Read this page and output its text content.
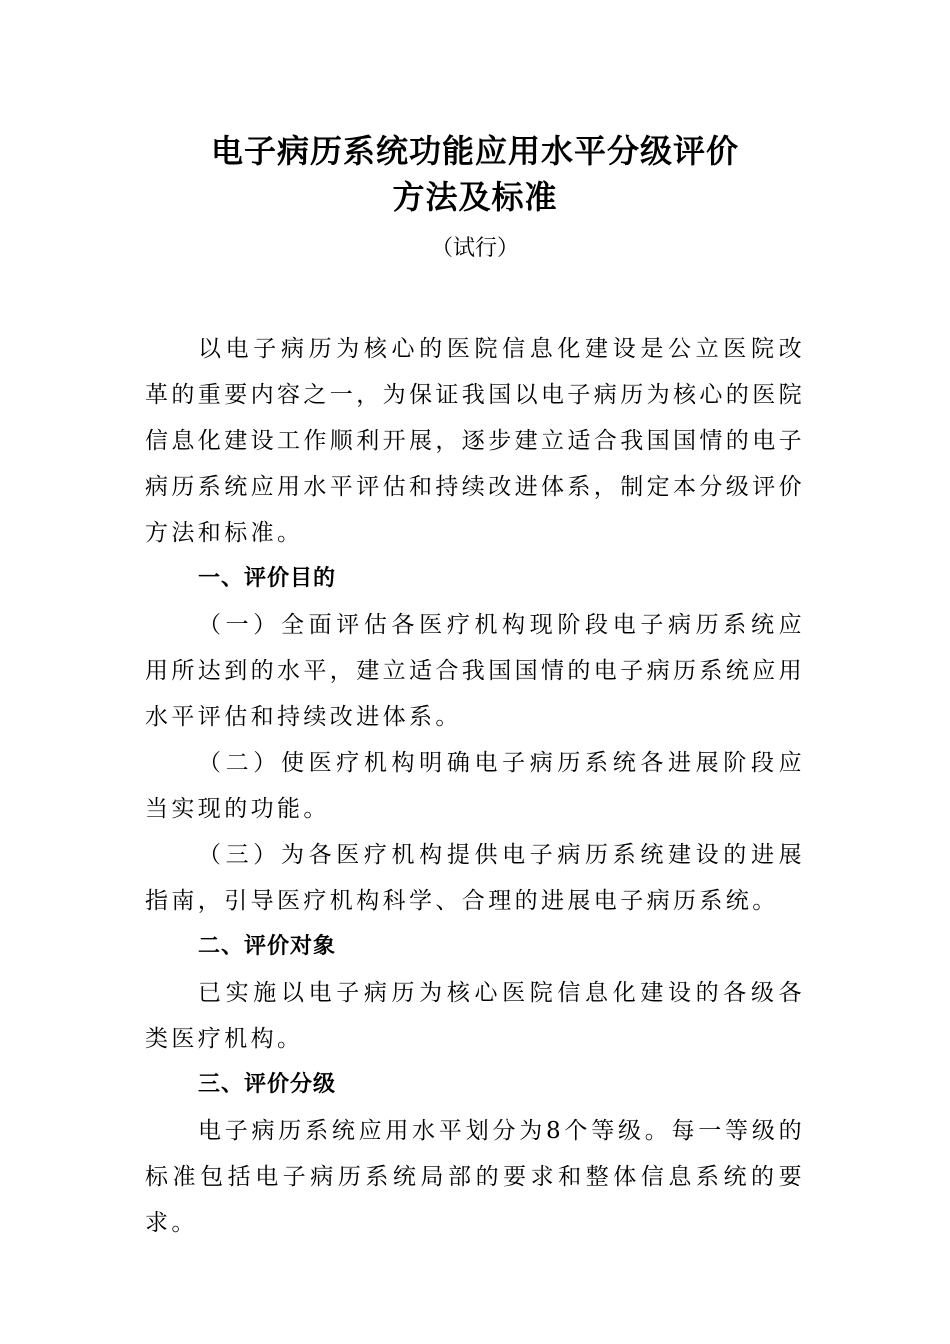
电子病历系统功能应用水平分级评价
方法及标准
（试行）

以电子病历为核心的医院信息化建设是公立医院改革的重要内容之一，为保证我国以电子病历为核心的医院信息化建设工作顺利开展，逐步建立适合我国国情的电子病历系统应用水平评估和持续改进体系，制定本分级评价方法和标准。

一、评价目的

（一）全面评估各医疗机构现阶段电子病历系统应用所达到的水平，建立适合我国国情的电子病历系统应用水平评估和持续改进体系。

（二）使医疗机构明确电子病历系统各进展阶段应当实现的功能。

（三）为各医疗机构提供电子病历系统建设的进展指南，引导医疗机构科学、合理的进展电子病历系统。

二、评价对象

已实施以电子病历为核心医院信息化建设的各级各类医疗机构。

三、评价分级

电子病历系统应用水平划分为8个等级。每一等级的标准包括电子病历系统局部的要求和整体信息系统的要求。
